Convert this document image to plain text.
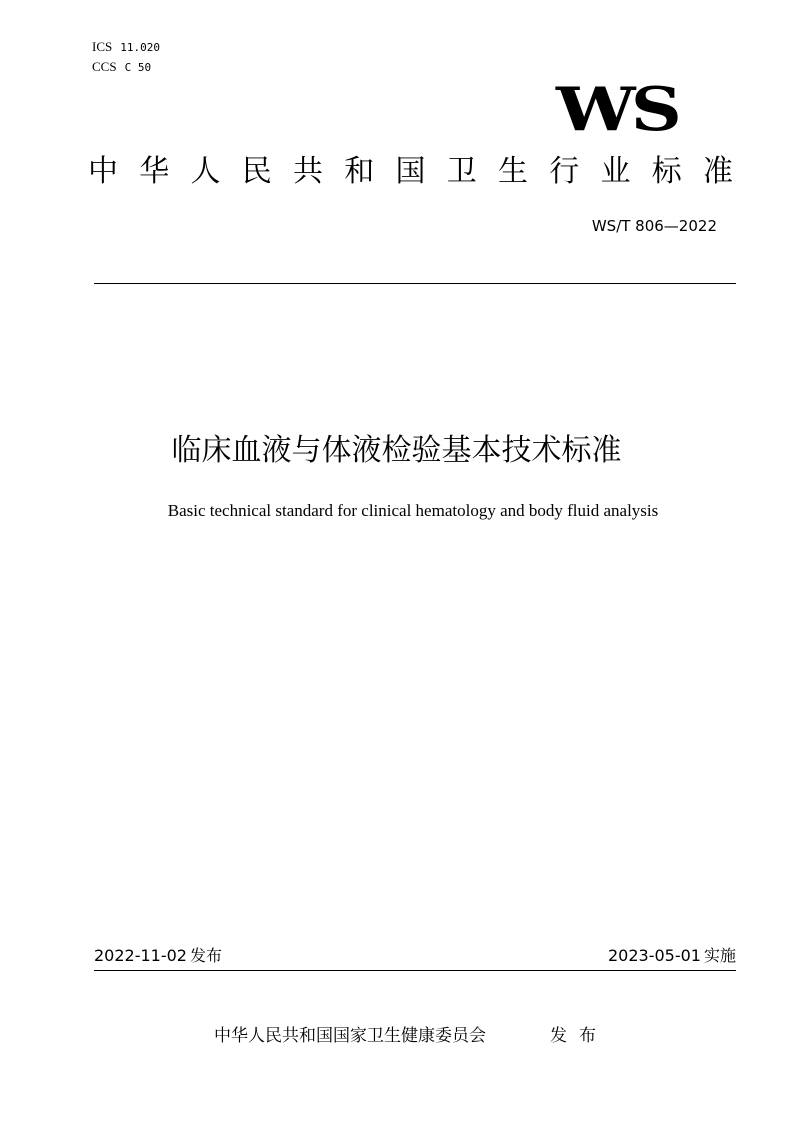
ICS 11.020
CCS C 50
WS
中 华 人 民 共 和 国 卫 生 行 业 标 准
WS/T 806—2022
临床血液与体液检验基本技术标准
Basic technical standard for clinical hematology and body fluid analysis
2022-11-02 发布	2023-05-01 实施
中华人民共和国国家卫生健康委员会	发布
